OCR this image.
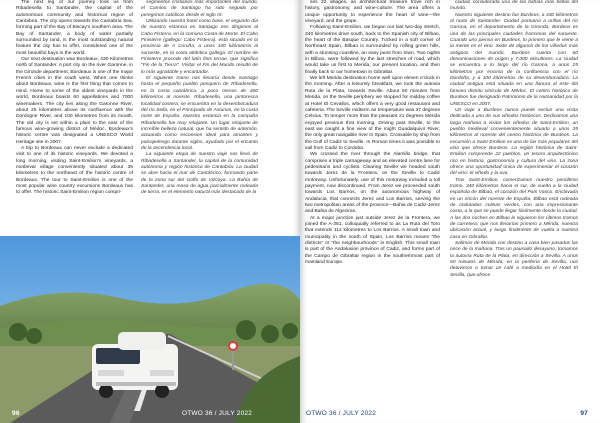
The next leg of our journey took us from Ribadesella to Santander, the capital of the autonomous community and historical region of Cantabria. The city opens towards the Cantabria Sea, forming part of the Bay of Biscay's southern area. The Bay of Santander, a body of water partially surrounded by land, is the most outstanding natural feature the city has to offer, considered one of the most beautiful bays in the world.

Our next destination was Bordeaux, 430 Kilometres north of Santander. A port city on the river Garonne, in the Gironde department, Bordeaux is one of the major French cities in the south west. When one thinks about Bordeaux, wine is the first thing that comes to mind. Home to some of the oldest vineyards in the world, Bordeaux boasts 60 appellations and 7000 winemakers. The city lies along the Garonne River, about 25 kilometres above its confluence with the Dordogne River, and 100 kilometres from its mouth. The old city is set within a plain to the east of the famous wine-growing district of Médoc. Bordeaux's historic centre was designated a UNESCO World Heritage site in 2007.

A trip to Bordeaux can never exclude a dedicated visit to one of its historic vineyards. We devoted a long morning, visiting Saint-Emilion's vineyards, a medieval village conveniently situated about 35 kilometres to the northeast of the historic centre of Bordeaux. The tour to Saint-Emilion is one of the most popular wine country excursions Bordeaux has to offer. The historic Saint-Emilion region compri-

segmentos cristianos más importantes del mundo, el Camino de Santiago ha sido seguido por peregrinos católicos desde el siglo IX.

Utilizando nuestra hotel como base, el segundo día de nuestra estancia en Santiago nos dirigimos al Cabo Fisterra, en la comuna Costa de Morte. El Cabo Finisterre (gallego: Cabo Fisterra), está situado en la provincia de A Coruña, a unos 100 kilómetros al suroeste, en la costa atlántica gallega. El nombre de Finisterre procede del latín finis terrae, que significa "Fin de la Tierra". Visitar el Fin del Mundo resultó de lo más agradable y encantador.

El siguiente tramo nos llevaría desde Santiago hasta el pequeño pueblo pesquero de Ribadesella, en la costa cantábrica, a poco menos de 400 kilómetros al noreste. Ribadesella, una pintoresca localidad costera, se encuentra en la desembocadura del río Sella, en el Principado de Asturias, en la costa norte de España. Nuestro estancia en la campaña Ribadesella fue muy relajante. Un lugar relajante de increíble belleza natural, que ha sentido de antemón, actuando como esconsies ideal para amantes y paisajedesgo durante siglos, ayudado por el encanto de la ascendencia local.

La siguiente etapa de nuestro viaje nos llevó de Ribadesella a Santander, la capital de la comunidad autónoma y región histórica de Cantabria. La ciudad se abre hacia el mar de Cantábrico, formando parte de la zona sur del Golfo de Vizcaya. La Bahía de Santander, una masa de agua parcialmente rodeada de tierra, es el elemento natural más destacado de la

96	OTWO 36 / JULY 2022

ses 22 villages, an architectural treasure trove rich in history, gastronomy, and wine-culture. The area offers a unique opportunity to experience the heart of wine—the vineyard, and the grape.

Following Saint-Emilion, we began our last two-day stretch, 340 kilometres drive south, back to the Spanish city of Bilbao, the heart of the Basque Country. Tucked in a soft corner of Northeast Spain, Bilbao is surrounded by rolling green hills, with a stunning coastline, an easy jaunt from town. Two nights in Bilbao, were followed by the last stretches of road, which would take us first to Merida, our present location, and then finally back to our hometown in Gibraltar.

We left Merida destination home well upon eleven o'clock in the morning. After a leisurely breakfast, we took the autovia Ruta de la Plata, towards Seville. About 50 minutes from Merida, on the Seville periphery we stopped for midday coffee at Hotel El Cevallos, which offers a very good restaurant and cafeteria. The Seville midterm air temperature was 37 degrees Celsius. To temper more than the pleasant 21 degrees Mérida enjoyed previous that morning. Driving past Seville, to the east we caught a fine view of the might Guadalquivir River, the only great navigable river in Spain. Crossable by ship from the Gulf of Cadiz to Seville. In Roman times it was possible to sail from Cadiz to Cordoba.

We crossed the river through the Alamillo bridge, that comprises a triple carriageway and an elevated centre lane for pedestrians and cyclists. Clearing Seville we headed south towards Jerez de la Frontera, on the Seville to Cadiz motorway. Unfortunately, use of this motorway included a toll payment, now discontinued. From Jerez we proceeded south towards Los Barrios, on the autonomous highway of Andalucia, that connects Jerez and Los Barrios, serving the two metropolitan areas of the province—Bahia de Cadiz-Jerez and Bahia de Algeciras.

At a major junction just outside Jerez de la Frontera, we joined the A-381, colloquially referred to as La Ruta del Toro that extends 112 kilometres to Los Barrios. A small town and municipality in the south of Spain, Los Barrios means "the districts" or "the neighbourhoods" in English. This small town is part of the Andalusian province of Cadiz, and forms part of the Campo de Gibraltar region in the southernmost part of mainland Europe.

ciudad, considerada una de las bahías más bellas del mundo.

Nuestro siguiente destino fue Burdeos, a 430 kilómetros al norte de Santander. Ciudad portuaria a orillas del río Garona, en el departamento de la Gironda, Burdeos es una de las principales ciudades francesas del suroeste. Cuando uno piensa en Burdeos, lo primero que le viene a la mente es el vino. Sede de algunos de los viñedos más antiguos del mundo, Burdeos cuenta con 60 denominaciones de origen y 7.000 viticultores. La ciudad se encuentra a lo largo del río Garona, a unos 25 kilómetros por encima de la confluencia con el río Dordoña, y a 100 kilómetros de su desembocadura. La ciudad antigua está situada en una llanura al este del famoso distrito vinícola de Médoc. El centro histórico de Burdeos fue designado Patrimonio de la Humanidad por la UNESCO en 2007.

Un viaje a Burdeos nunca puede excluir una visita dedicada a uno de sus viñedos históricos. Dedicamos una larga mañana a visitar los viñedos de Saint-Emilion, un pueblo medieval convenientemente situado a unos 35 kilómetros al noreste del centro histórico de Burdeos. La excursión a Saint-Emilion es una de las más populares del vino que ofrece Burdeos. La región histórica de Saint-Emilion comprende 22 pueblos, un tesoro arquitectónico rico en historia, gastronomía y cultura del vino. La zona ofrece una oportunidad única de experimentar el corazón del vino: el viñedo y la uva.

Tras Saint-Emilion, comenzamos nuestro penúltimo tramo, 340 kilómetros hacia el sur, de vuelta a la ciudad española de Bilbao, el corazón del País Vasco. Enclavada en un rincón del noreste de España, Bilbao está rodeada de onduladas colinas verdes, con una impresionante costa, a la que se puede llegar fácilmente desde la ciudad. A las dos noches en Bilbao le siguieron los últimos tramos de carretera, que nos llevarían primero a Mérida, nuestra ubicación actual, y luego finalmente de vuelta a nuestra casa en Gibraltar.

Salimos de Mérida con destino a casa bien pasadas las once de la mañana. Tras un pausado desayuno, tomamos la autovía Ruta de la Plata, en dirección a Sevilla. A unos 50 minutos de Mérida, en la periferia de Sevilla, nos detuvimos a tomar un café a mediodía en el Hotel El Sevilla, que ofrece

OTWO 36 / JULY 2022	97
